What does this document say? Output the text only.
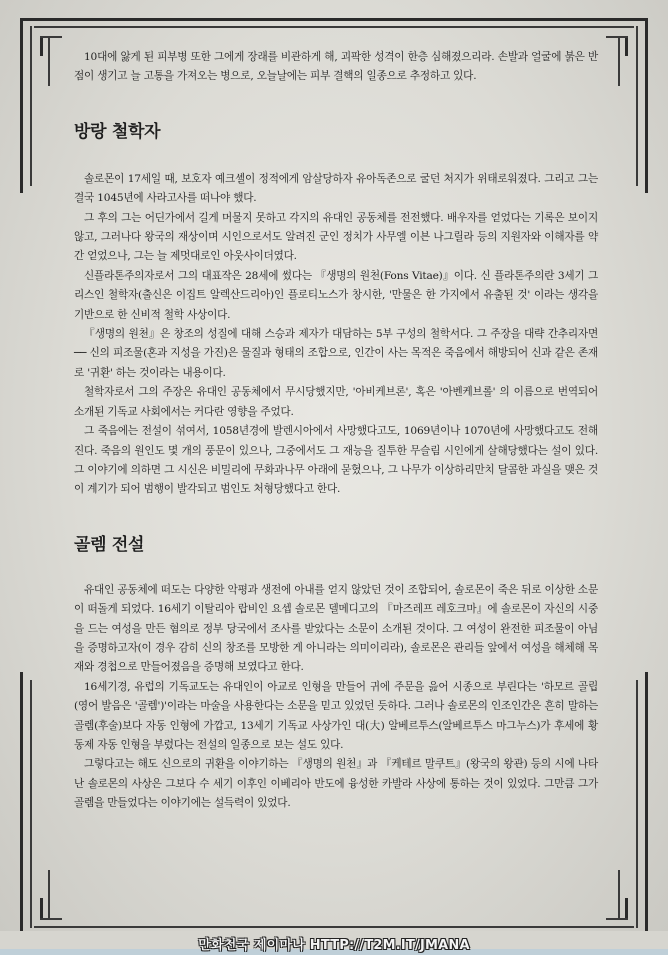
10대에 앓게 된 피부병 또한 그에게 장래를 비관하게 해, 괴팍한 성격이 한층 심해졌으리라. 손발과 얼굴에 붉은 반점이 생기고 늘 고통을 가져오는 병으로, 오늘날에는 피부 결핵의 일종으로 추정하고 있다.

방랑 철학자

솔로몬이 17세일 때, 보호자 예크셸이 정적에게 암살당하자 유아독존으로 굴던 처지가 위태로워졌다. 그리고 그는 결국 1045년에 사라고사를 떠나야 했다.

그 후의 그는 어딘가에서 길게 머물지 못하고 각지의 유대인 공동체를 전전했다. 배우자를 얻었다는 기록은 보이지 않고, 그러나다 왕국의 재상이며 시인으로서도 알려진 군인 정치가 사무엘 이븐 나그릴라 등의 지원자와 이해자를 약간 얻었으나, 그는 늘 제멋대로인 아웃사이더였다.

신플라톤주의자로서 그의 대표작은 28세에 썼다는 『생명의 원천(Fons Vitae)』이다. 신 플라톤주의란 3세기 그리스인 철학자(출신은 이집트 알렉산드리아)인 플로티노스가 창시한, '만물은 한 가지에서 유출된 것' 이라는 생각을 기반으로 한 신비적 철학 사상이다.

『생명의 원천』은 창조의 성질에 대해 스승과 제자가 대담하는 5부 구성의 철학서다. 그 주장을 대략 간추리자면── 신의 피조물(혼과 지성을 가진)은 물질과 형태의 조합으로, 인간이 사는 목적은 죽음에서 해방되어 신과 같은 존재로 '귀환' 하는 것이라는 내용이다.

철학자로서 그의 주장은 유대인 공동체에서 무시당했지만, '아비케브론', 혹은 '아벤케브롤' 의 이름으로 번역되어 소개된 기독교 사회에서는 커다란 영향을 주었다.

그 죽음에는 전설이 섞여서, 1058년경에 발렌시아에서 사망했다고도, 1069년이나 1070년에 사망했다고도 전해진다. 죽음의 원인도 몇 개의 풍문이 있으나, 그중에서도 그 재능을 질투한 무슬림 시인에게 살해당했다는 설이 있다. 그 이야기에 의하면 그 시신은 비밀리에 무화과나무 아래에 묻혔으나, 그 나무가 이상하리만치 달콤한 과실을 맺은 것이 계기가 되어 범행이 발각되고 범인도 처형당했다고 한다.

골렘 전설

유대인 공동체에 떠도는 다양한 악평과 생전에 아내를 얻지 않았던 것이 조합되어, 솔로몬이 죽은 뒤로 이상한 소문이 떠돌게 되었다. 16세기 이탈리아 랍비인 요셉 솔로몬 델메디고의 『마즈레프 레호크마』에 솔로몬이 자신의 시중을 드는 여성을 만든 혐의로 정부 당국에서 조사를 받았다는 소문이 소개된 것이다. 그 여성이 완전한 피조물이 아님을 증명하고자(이 경우 감히 신의 창조를 모방한 게 아니라는 의미이리라), 솔로몬은 관리들 앞에서 여성을 해체해 목재와 경첩으로 만들어졌음을 증명해 보였다고 한다.

16세기경, 유럽의 기독교도는 유대인이 아교로 인형을 만들어 귀에 주문을 읊어 시종으로 부린다는 '하모르 골립(영어 발음은 '골렘')'이라는 마술을 사용한다는 소문을 믿고 있었던 듯하다. 그러나 솔로몬의 인조인간은 흔히 말하는 골렘(후술)보다 자동 인형에 가깝고, 13세기 기독교 사상가인 대(大) 알베르투스(알베르투스 마그누스)가 후세에 황동제 자동 인형을 부렸다는 전설의 일종으로 보는 설도 있다.

그렇다고는 해도 신으로의 귀환을 이야기하는 『생명의 원천』과 『케테르 말쿠트』(왕국의 왕관) 등의 시에 나타난 솔로몬의 사상은 그보다 수 세기 이후인 이베리아 반도에 융성한 카발라 사상에 통하는 것이 있었다. 그만큼 그가 골렘을 만들었다는 이야기에는 설득력이 있었다.

만화천국 제이마나 HTTP://T2M.IT/JMANA
